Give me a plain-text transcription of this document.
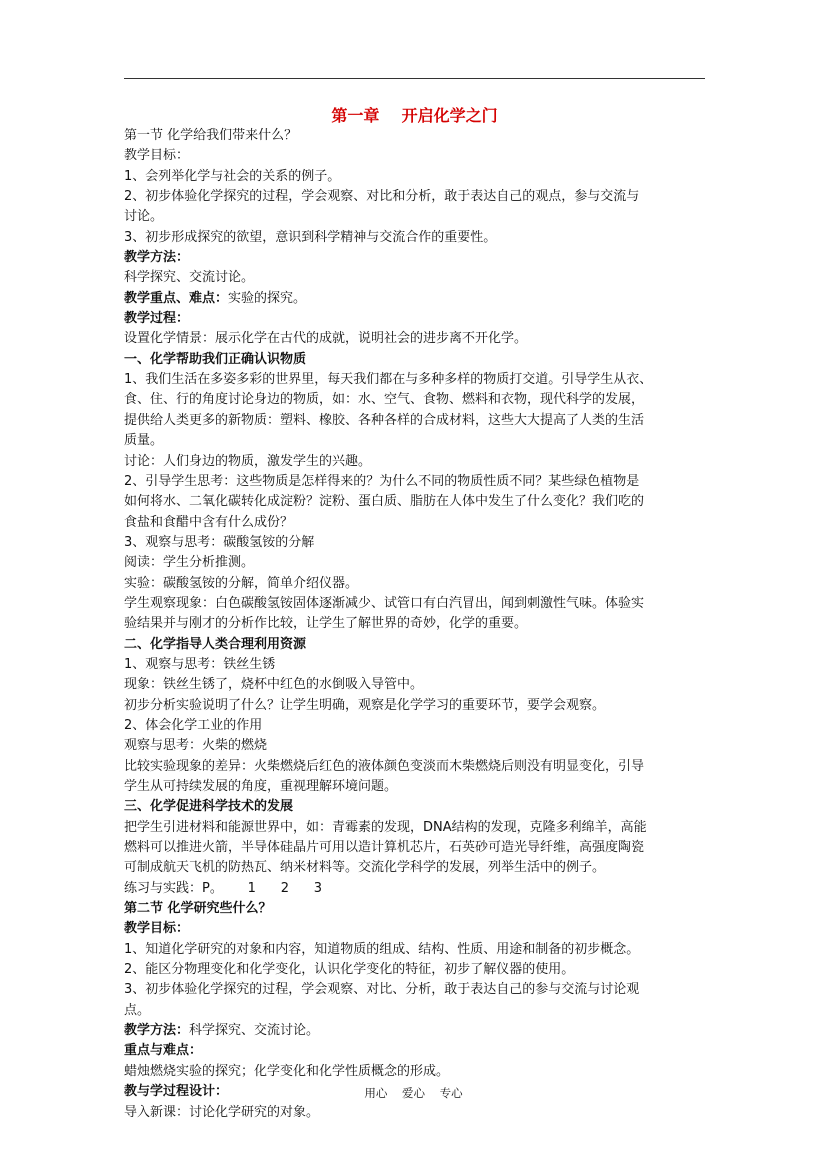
第一章    开启化学之门
第一节 化学给我们带来什么？
教学目标：
1、会列举化学与社会的关系的例子。
2、初步体验化学探究的过程，学会观察、对比和分析，敢于表达自己的观点，参与交流与
讨论。
3、初步形成探究的欲望，意识到科学精神与交流合作的重要性。
教学方法：
科学探究、交流讨论。
教学重点、难点：实验的探究。
教学过程：
设置化学情景：展示化学在古代的成就，说明社会的进步离不开化学。
一、化学帮助我们正确认识物质
1、我们生活在多姿多彩的世界里，每天我们都在与多种多样的物质打交道。引导学生从衣、
食、住、行的角度讨论身边的物质，如：水、空气、食物、燃料和衣物，现代科学的发展，
提供给人类更多的新物质：塑料、橡胶、各种各样的合成材料，这些大大提高了人类的生活
质量。
讨论：人们身边的物质，激发学生的兴趣。
2、引导学生思考：这些物质是怎样得来的？为什么不同的物质性质不同？某些绿色植物是
如何将水、二氧化碳转化成淀粉？淀粉、蛋白质、脂肪在人体中发生了什么变化？我们吃的
食盐和食醋中含有什么成份？
3、观察与思考：碳酸氢铵的分解
阅读：学生分析推测。
实验：碳酸氢铵的分解，简单介绍仪器。
学生观察现象：白色碳酸氢铵固体逐渐减少、试管口有白汽冒出，闻到刺激性气味。体验实
验结果并与刚才的分析作比较，让学生了解世界的奇妙，化学的重要。
二、化学指导人类合理利用资源
1、观察与思考：铁丝生锈
现象：铁丝生锈了，烧杯中红色的水倒吸入导管中。
初步分析实验说明了什么？让学生明确，观察是化学学习的重要环节，要学会观察。
2、体会化学工业的作用
观察与思考：火柴的燃烧
比较实验现象的差异：火柴燃烧后红色的液体颜色变淡而木柴燃烧后则没有明显变化，引导
学生从可持续发展的角度，重视理解环境问题。
三、化学促进科学技术的发展
把学生引进材料和能源世界中，如：青霉素的发现，DNA结构的发现，克隆多利绵羊，高能
燃料可以推进火箭，半导体硅晶片可用以造计算机芯片，石英砂可造光导纤维，高强度陶瓷
可制成航天飞机的防热瓦、纳米材料等。交流化学科学的发展，列举生活中的例子。
练习与实践：P。      1      2      3
第二节 化学研究些什么？
教学目标：
1、知道化学研究的对象和内容，知道物质的组成、结构、性质、用途和制备的初步概念。
2、能区分物理变化和化学变化，认识化学变化的特征，初步了解仪器的使用。
3、初步体验化学探究的过程，学会观察、对比、分析，敢于表达自己的参与交流与讨论观
点。
教学方法：科学探究、交流讨论。
重点与难点：
蜡烛燃烧实验的探究；化学变化和化学性质概念的形成。
教与学过程设计：
导入新课：讨论化学研究的对象。
用心    爱心    专心
